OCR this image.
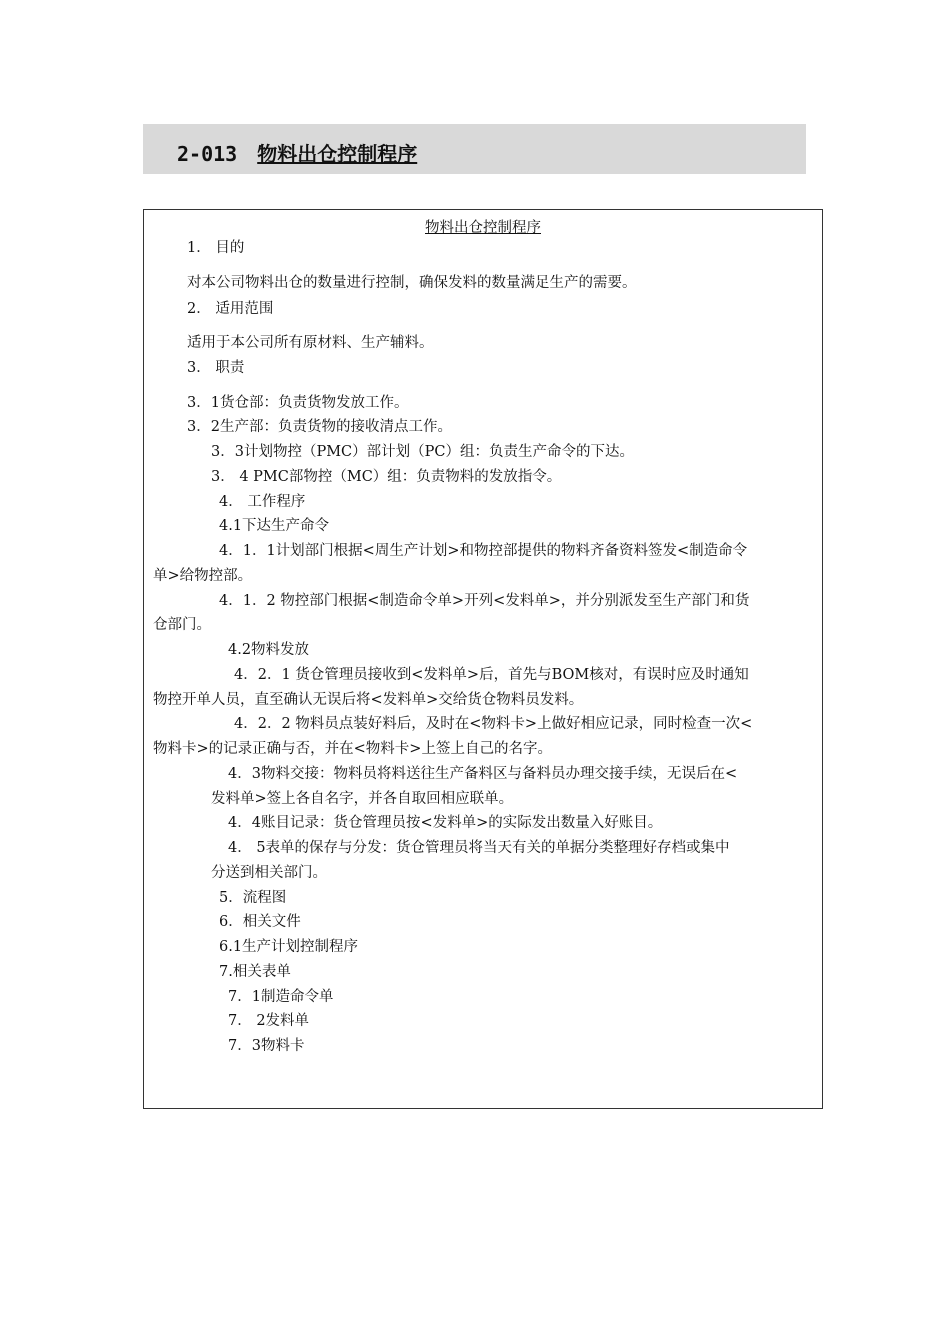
2-013 物料出仓控制程序
物料出仓控制程序
1． 目的
对本公司物料出仓的数量进行控制，确保发料的数量满足生产的需要。
2． 适用范围
适用于本公司所有原材料、生产辅料。
3． 职责
3．1货仓部：负责货物发放工作。
3．2生产部：负责货物的接收清点工作。
3．3计划物控（PMC）部计划（PC）组：负责生产命令的下达。
3． 4 PMC部物控（MC）组：负责物料的发放指令。
4． 工作程序
4.1下达生产命令
4．1．1计划部门根据<周生产计划>和物控部提供的物料齐备资料签发<制造命令
单>给物控部。
4．1．2 物控部门根据<制造命令单>开列<发料单>，并分别派发至生产部门和货
仓部门。
4.2物料发放
4．2．1 货仓管理员接收到<发料单>后，首先与BOM核对，有误时应及时通知
物控开单人员，直至确认无误后将<发料单>交给货仓物料员发料。
4．2．2 物料员点装好料后，及时在<物料卡>上做好相应记录，同时检查一次<
物料卡>的记录正确与否，并在<物料卡>上签上自己的名字。
4．3物料交接：物料员将料送往生产备料区与备料员办理交接手续，无误后在<
发料单>签上各自名字，并各自取回相应联单。
4．4账目记录：货仓管理员按<发料单>的实际发出数量入好账目。
4． 5表单的保存与分发：货仓管理员将当天有关的单据分类整理好存档或集中
分送到相关部门。
5．流程图
6．相关文件
6.1生产计划控制程序
7.相关表单
7．1制造命令单
7． 2发料单
7．3物料卡
